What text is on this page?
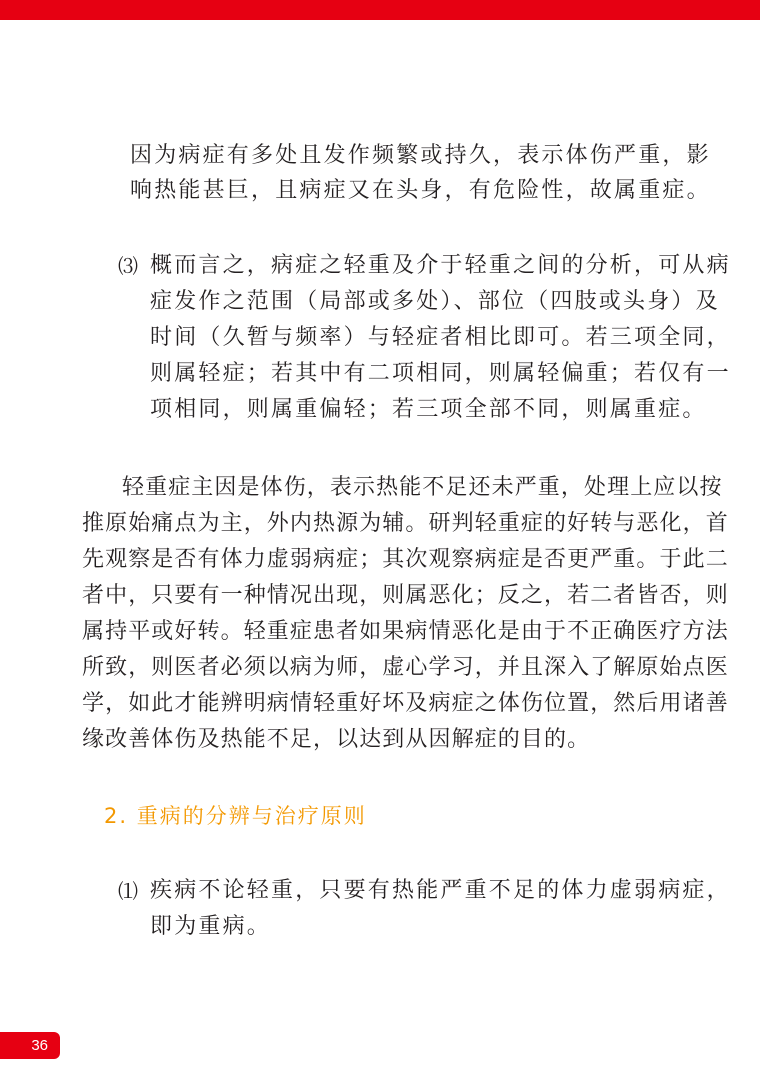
因为病症有多处且发作频繁或持久，表示体伤严重，影
响热能甚巨，且病症又在头身，有危险性，故属重症。
⑶ 概而言之，病症之轻重及介于轻重之间的分析，可从病
症发作之范围（局部或多处）、部位（四肢或头身）及
时间（久暂与频率）与轻症者相比即可。若三项全同，
则属轻症；若其中有二项相同，则属轻偏重；若仅有一
项相同，则属重偏轻；若三项全部不同，则属重症。
轻重症主因是体伤，表示热能不足还未严重，处理上应以按
推原始痛点为主，外内热源为辅。研判轻重症的好转与恶化，首
先观察是否有体力虚弱病症；其次观察病症是否更严重。于此二
者中，只要有一种情况出现，则属恶化；反之，若二者皆否，则
属持平或好转。轻重症患者如果病情恶化是由于不正确医疗方法
所致，则医者必须以病为师，虚心学习，并且深入了解原始点医
学，如此才能辨明病情轻重好坏及病症之体伤位置，然后用诸善
缘改善体伤及热能不足，以达到从因解症的目的。
2. 重病的分辨与治疗原则
⑴ 疾病不论轻重，只要有热能严重不足的体力虚弱病症，
即为重病。
36
